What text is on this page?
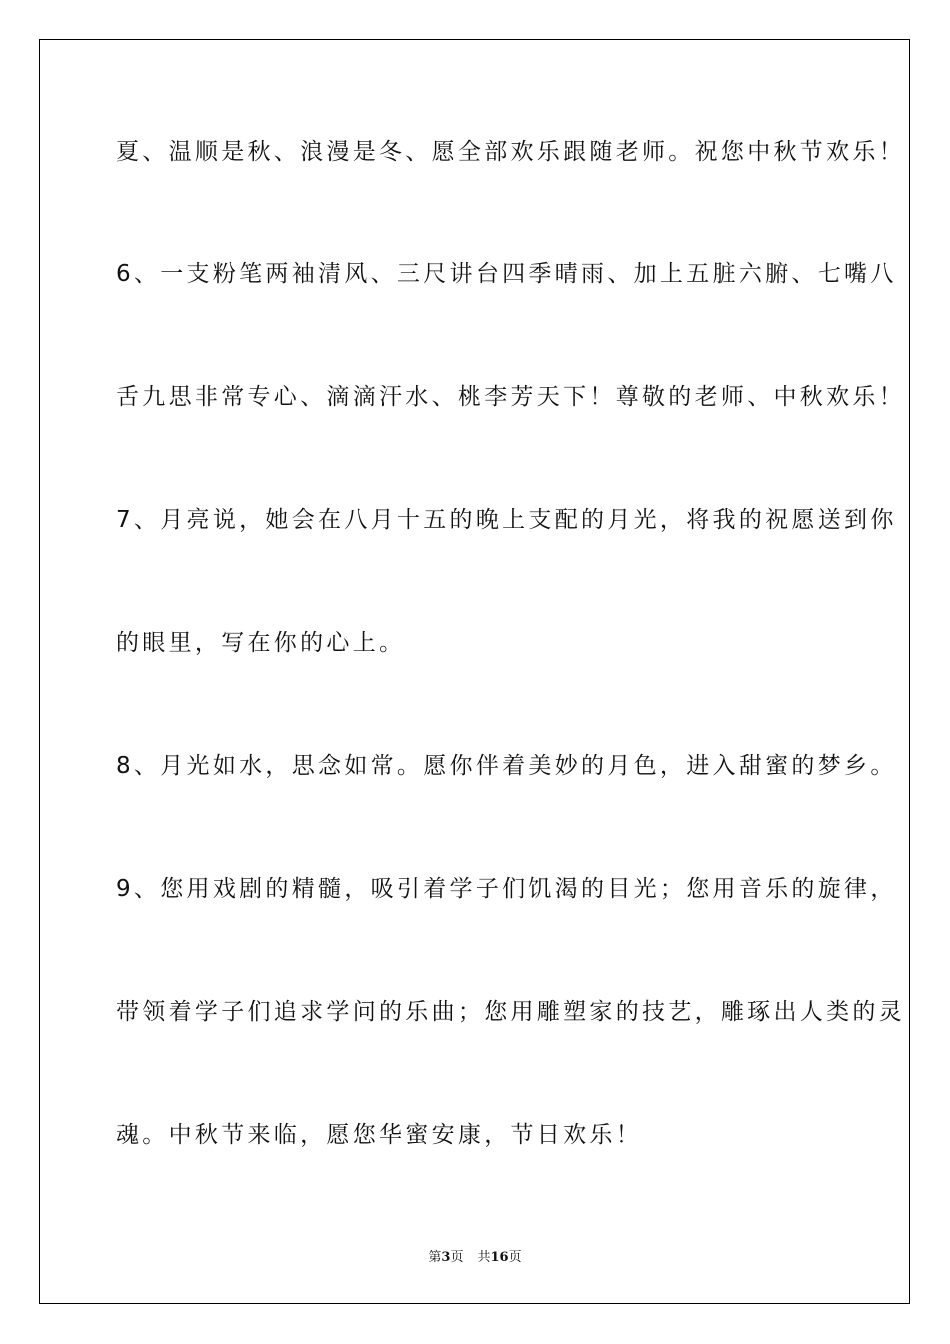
夏、温顺是秋、浪漫是冬、愿全部欢乐跟随老师。祝您中秋节欢乐！
6、一支粉笔两袖清风、三尺讲台四季晴雨、加上五脏六腑、七嘴八
舌九思非常专心、滴滴汗水、桃李芳天下！尊敬的老师、中秋欢乐！
7、月亮说，她会在八月十五的晚上支配的月光，将我的祝愿送到你
的眼里，写在你的心上。
8、月光如水，思念如常。愿你伴着美妙的月色，进入甜蜜的梦乡。
9、您用戏剧的精髓，吸引着学子们饥渴的目光；您用音乐的旋律，
带领着学子们追求学问的乐曲；您用雕塑家的技艺，雕琢出人类的灵
魂。中秋节来临，愿您华蜜安康，节日欢乐！
第3页 共16页
